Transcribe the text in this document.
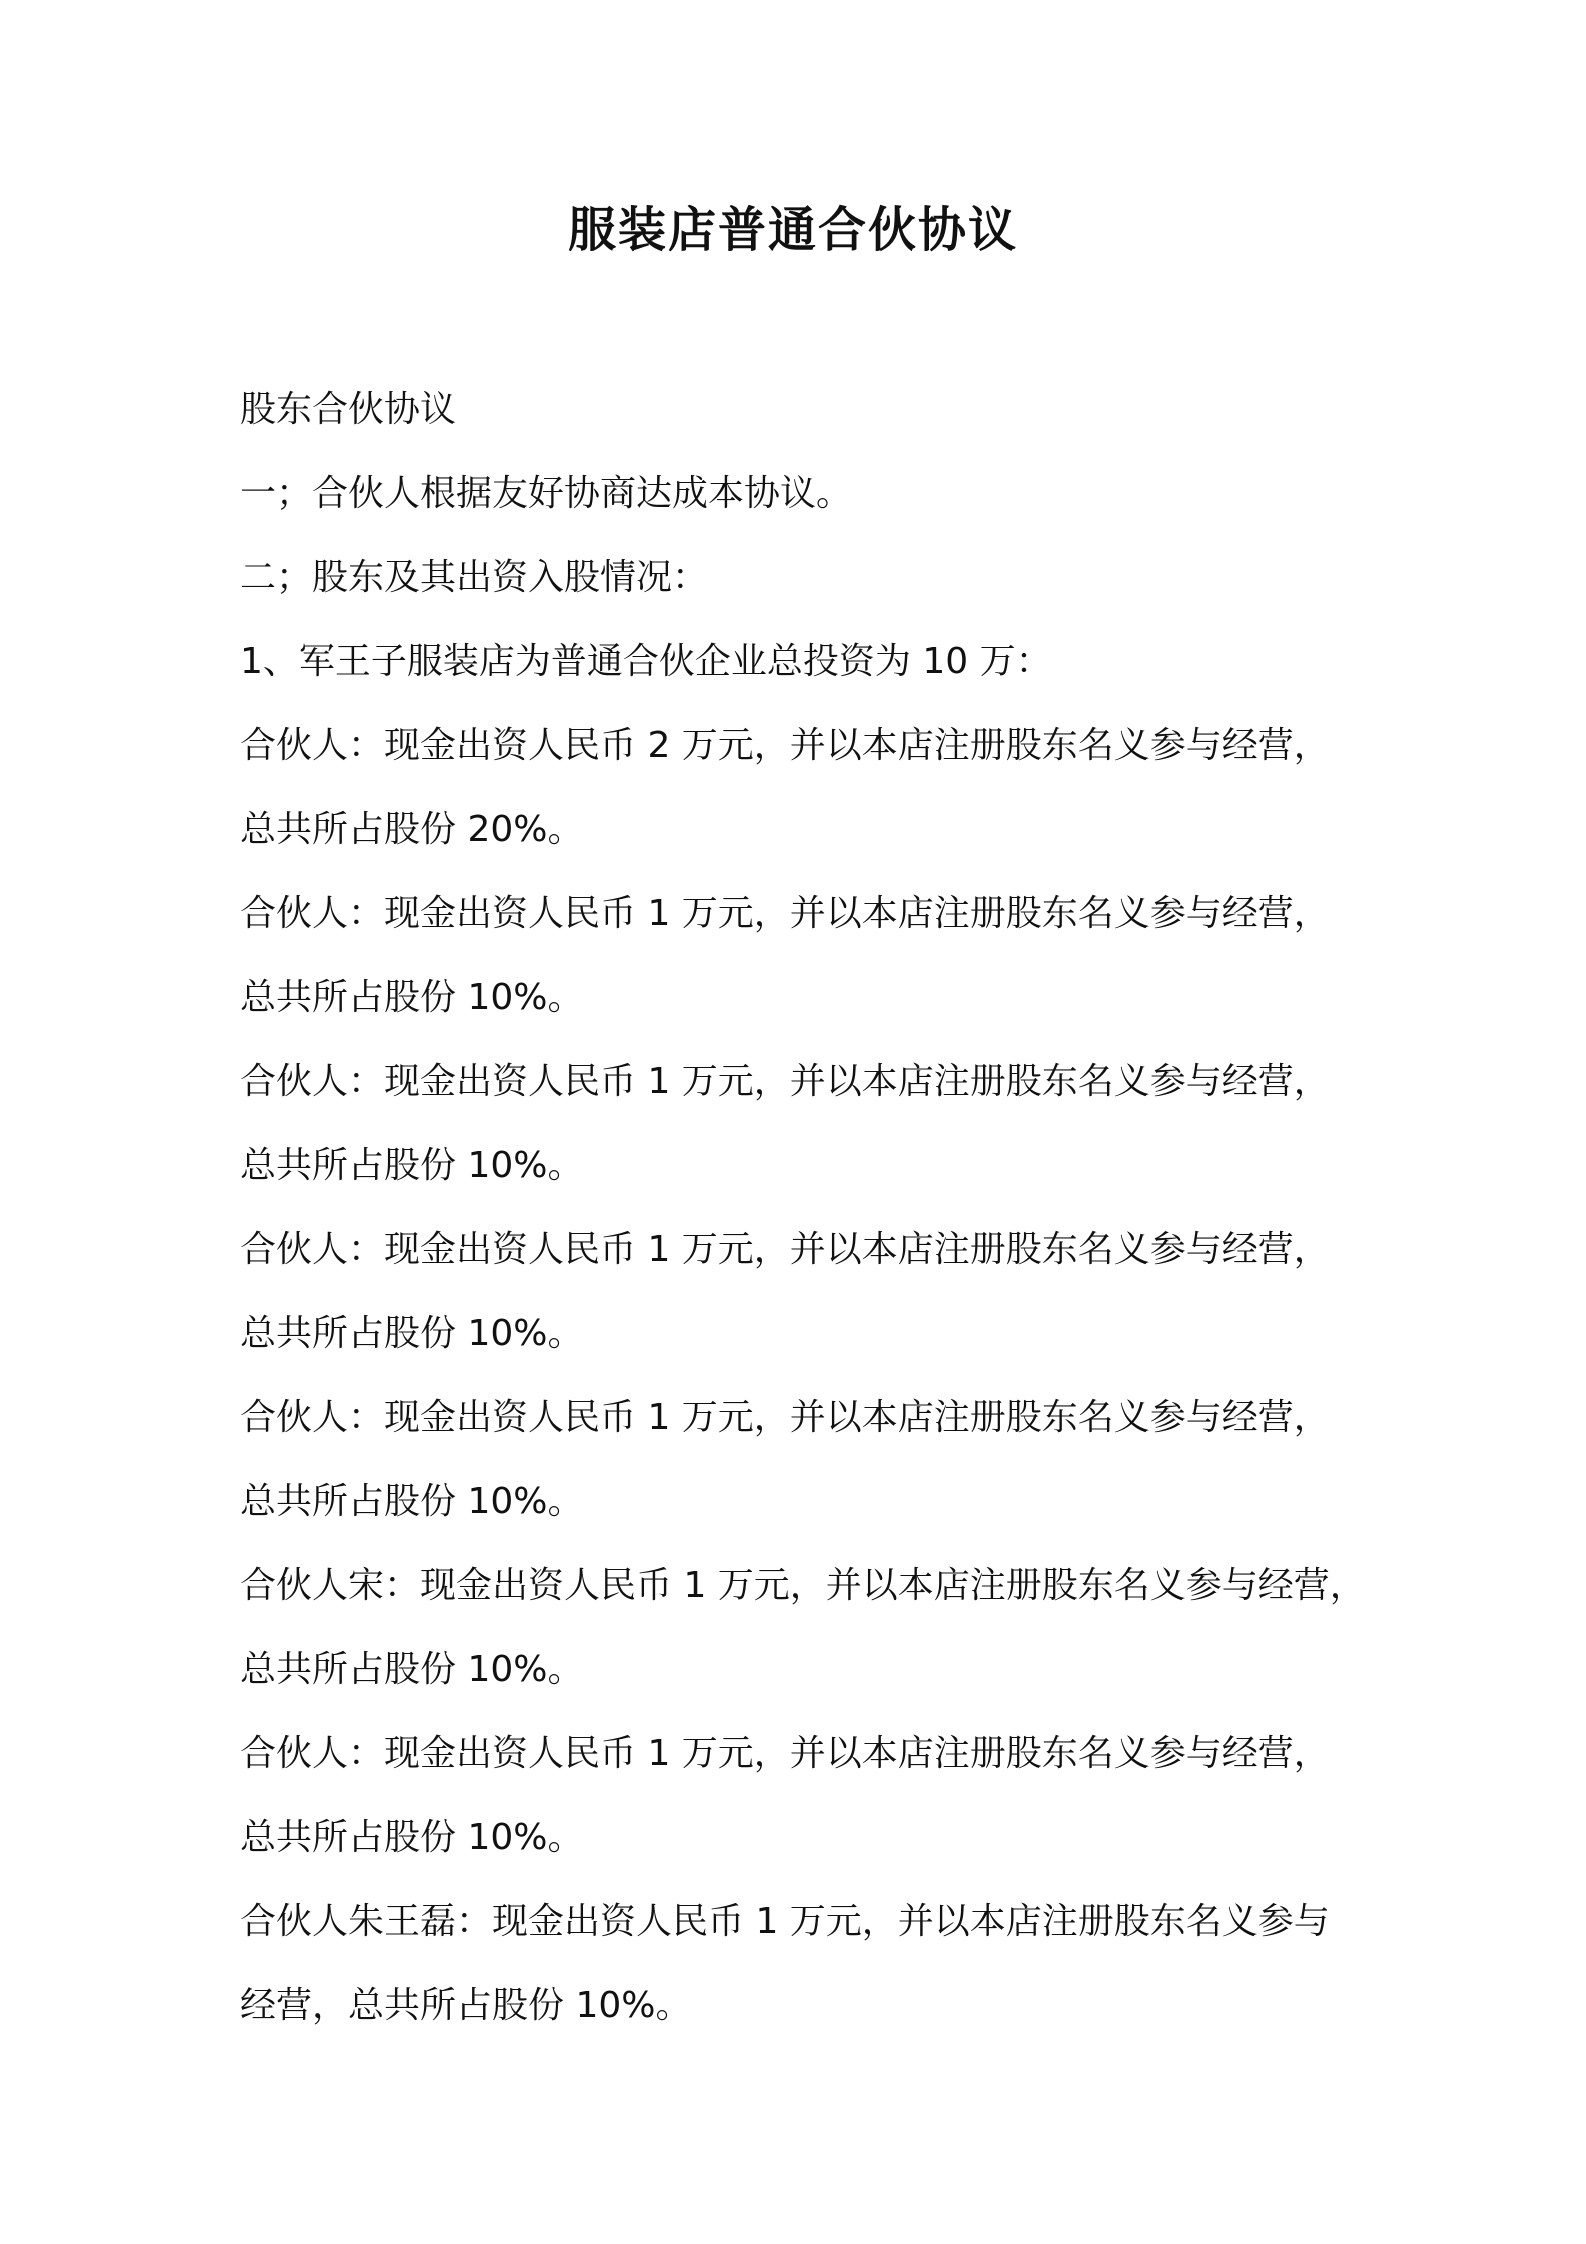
服装店普通合伙协议

股东合伙协议

一；合伙人根据友好协商达成本协议。

二；股东及其出资入股情况：

1、军王子服装店为普通合伙企业总投资为 10 万：

合伙人：现金出资人民币 2 万元，并以本店注册股东名义参与经营，

总共所占股份 20%。

合伙人：现金出资人民币 1 万元，并以本店注册股东名义参与经营，

总共所占股份 10%。

合伙人：现金出资人民币 1 万元，并以本店注册股东名义参与经营，

总共所占股份 10%。

合伙人：现金出资人民币 1 万元，并以本店注册股东名义参与经营，

总共所占股份 10%。

合伙人：现金出资人民币 1 万元，并以本店注册股东名义参与经营，

总共所占股份 10%。

合伙人宋：现金出资人民币 1 万元，并以本店注册股东名义参与经营，

总共所占股份 10%。

合伙人：现金出资人民币 1 万元，并以本店注册股东名义参与经营，

总共所占股份 10%。

合伙人朱王磊：现金出资人民币 1 万元，并以本店注册股东名义参与

经营，总共所占股份 10%。
